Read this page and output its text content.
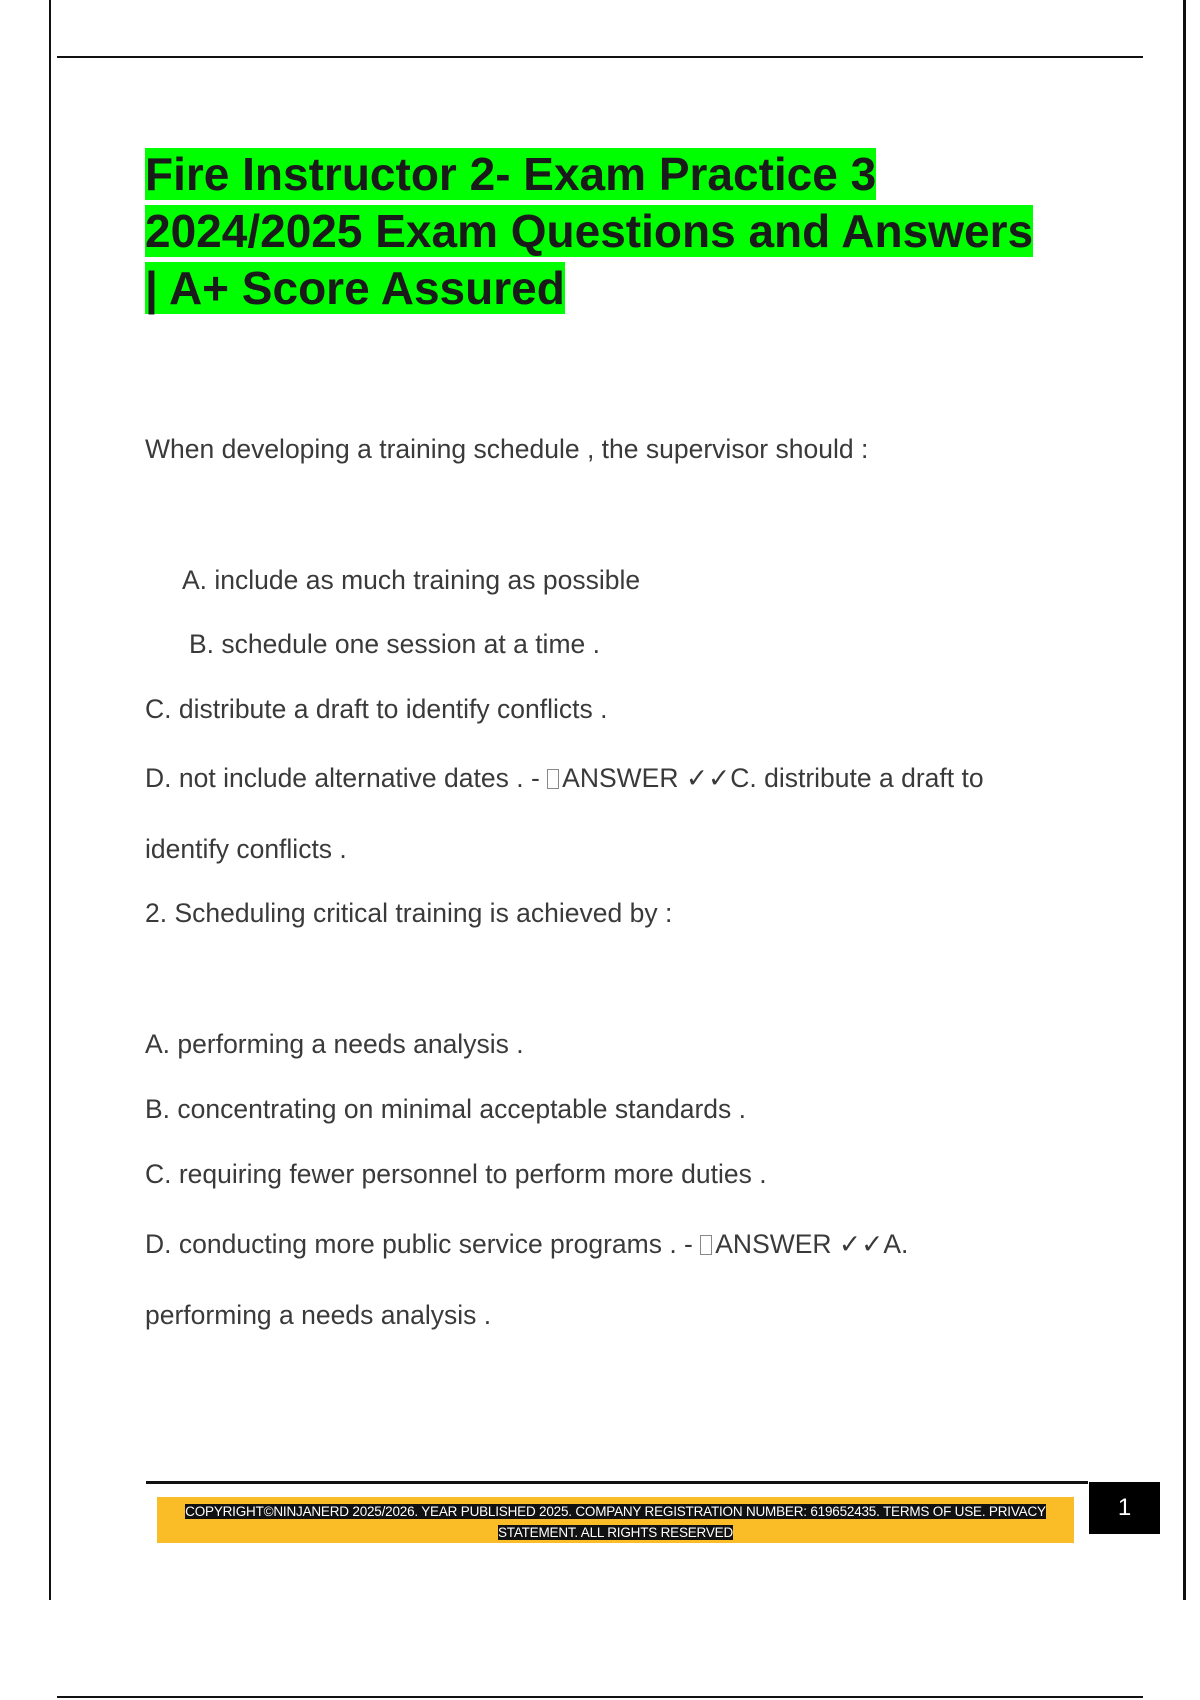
Fire Instructor 2- Exam Practice 3
2024/2025 Exam Questions and Answers
| A+ Score Assured

When developing a training schedule , the supervisor should :

A. include as much training as possible

B. schedule one session at a time .

C. distribute a draft to identify conflicts .

D. not include alternative dates . - ANSWER ✓✓C. distribute a draft to

identify conflicts .

2. Scheduling critical training is achieved by :

A. performing a needs analysis .

B. concentrating on minimal acceptable standards .

C. requiring fewer personnel to perform more duties .

D. conducting more public service programs . - ANSWER ✓✓A.

performing a needs analysis .

COPYRIGHT©NINJANERD 2025/2026. YEAR PUBLISHED 2025. COMPANY REGISTRATION NUMBER: 619652435. TERMS OF USE. PRIVACY
STATEMENT. ALL RIGHTS RESERVED
1
